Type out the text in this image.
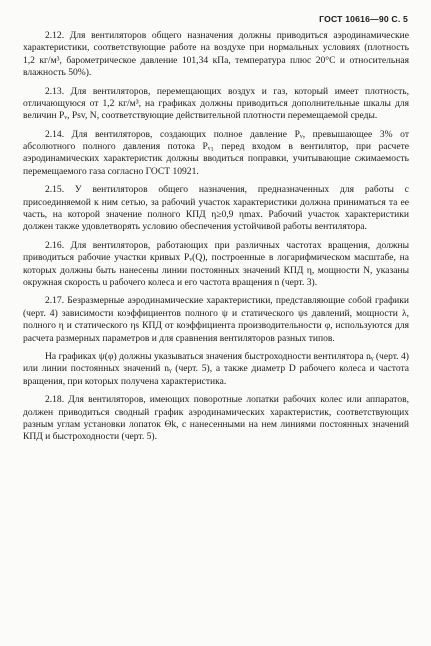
ГОСТ 10616—90 С. 5

2.12. Для вентиляторов общего назначения должны приводиться аэродинамические характеристики, соответствующие работе на воздухе при нормальных условиях (плотность 1,2 кг/м³, барометрическое давление 101,34 кПа, температура плюс 20°C и относительная влажность 50%).

2.13. Для вентиляторов, перемещающих воздух и газ, который имеет плотность, отличающуюся от 1,2 кг/м³, на графиках должны приводиться дополнительные шкалы для величин Pᵥ, Psv, N, соответствующие действительной плотности перемещаемой среды.

2.14. Для вентиляторов, создающих полное давление Pᵥ, превышающее 3% от абсолютного полного давления потока Pᵥ₁ перед входом в вентилятор, при расчете аэродинамических характеристик должны вводиться поправки, учитывающие сжимаемость перемещаемого газа согласно ГОСТ 10921.

2.15. У вентиляторов общего назначения, предназначенных для работы с присоединяемой к ним сетью, за рабочий участок характеристики должна приниматься та ее часть, на которой значение полного КПД η≥0,9 ηmax. Рабочий участок характеристики должен также удовлетворять условию обеспечения устойчивой работы вентилятора.

2.16. Для вентиляторов, работающих при различных частотах вращения, должны приводиться рабочие участки кривых Pᵥ(Q), построенные в логарифмическом масштабе, на которых должны быть нанесены линии постоянных значений КПД η, мощности N, указаны окружная скорость u рабочего колеса и его частота вращения n (черт. 3).

2.17. Безразмерные аэродинамические характеристики, представляющие собой графики (черт. 4) зависимости коэффициентов полного ψ и статического ψs давлений, мощности λ, полного η и статического ηs КПД от коэффициента производительности φ, используются для расчета размерных параметров и для сравнения вентиляторов разных типов.

На графиках ψ(φ) должны указываться значения быстроходности вентилятора nᵧ (черт. 4) или линии постоянных значений nᵧ (черт. 5), а также диаметр D рабочего колеса и частота вращения, при которых получена характеристика.

2.18. Для вентиляторов, имеющих поворотные лопатки рабочих колес или аппаратов, должен приводиться сводный график аэродинамических характеристик, соответствующих разным углам установки лопаток Θk, с нанесенными на нем линиями постоянных значений КПД и быстроходности (черт. 5).
